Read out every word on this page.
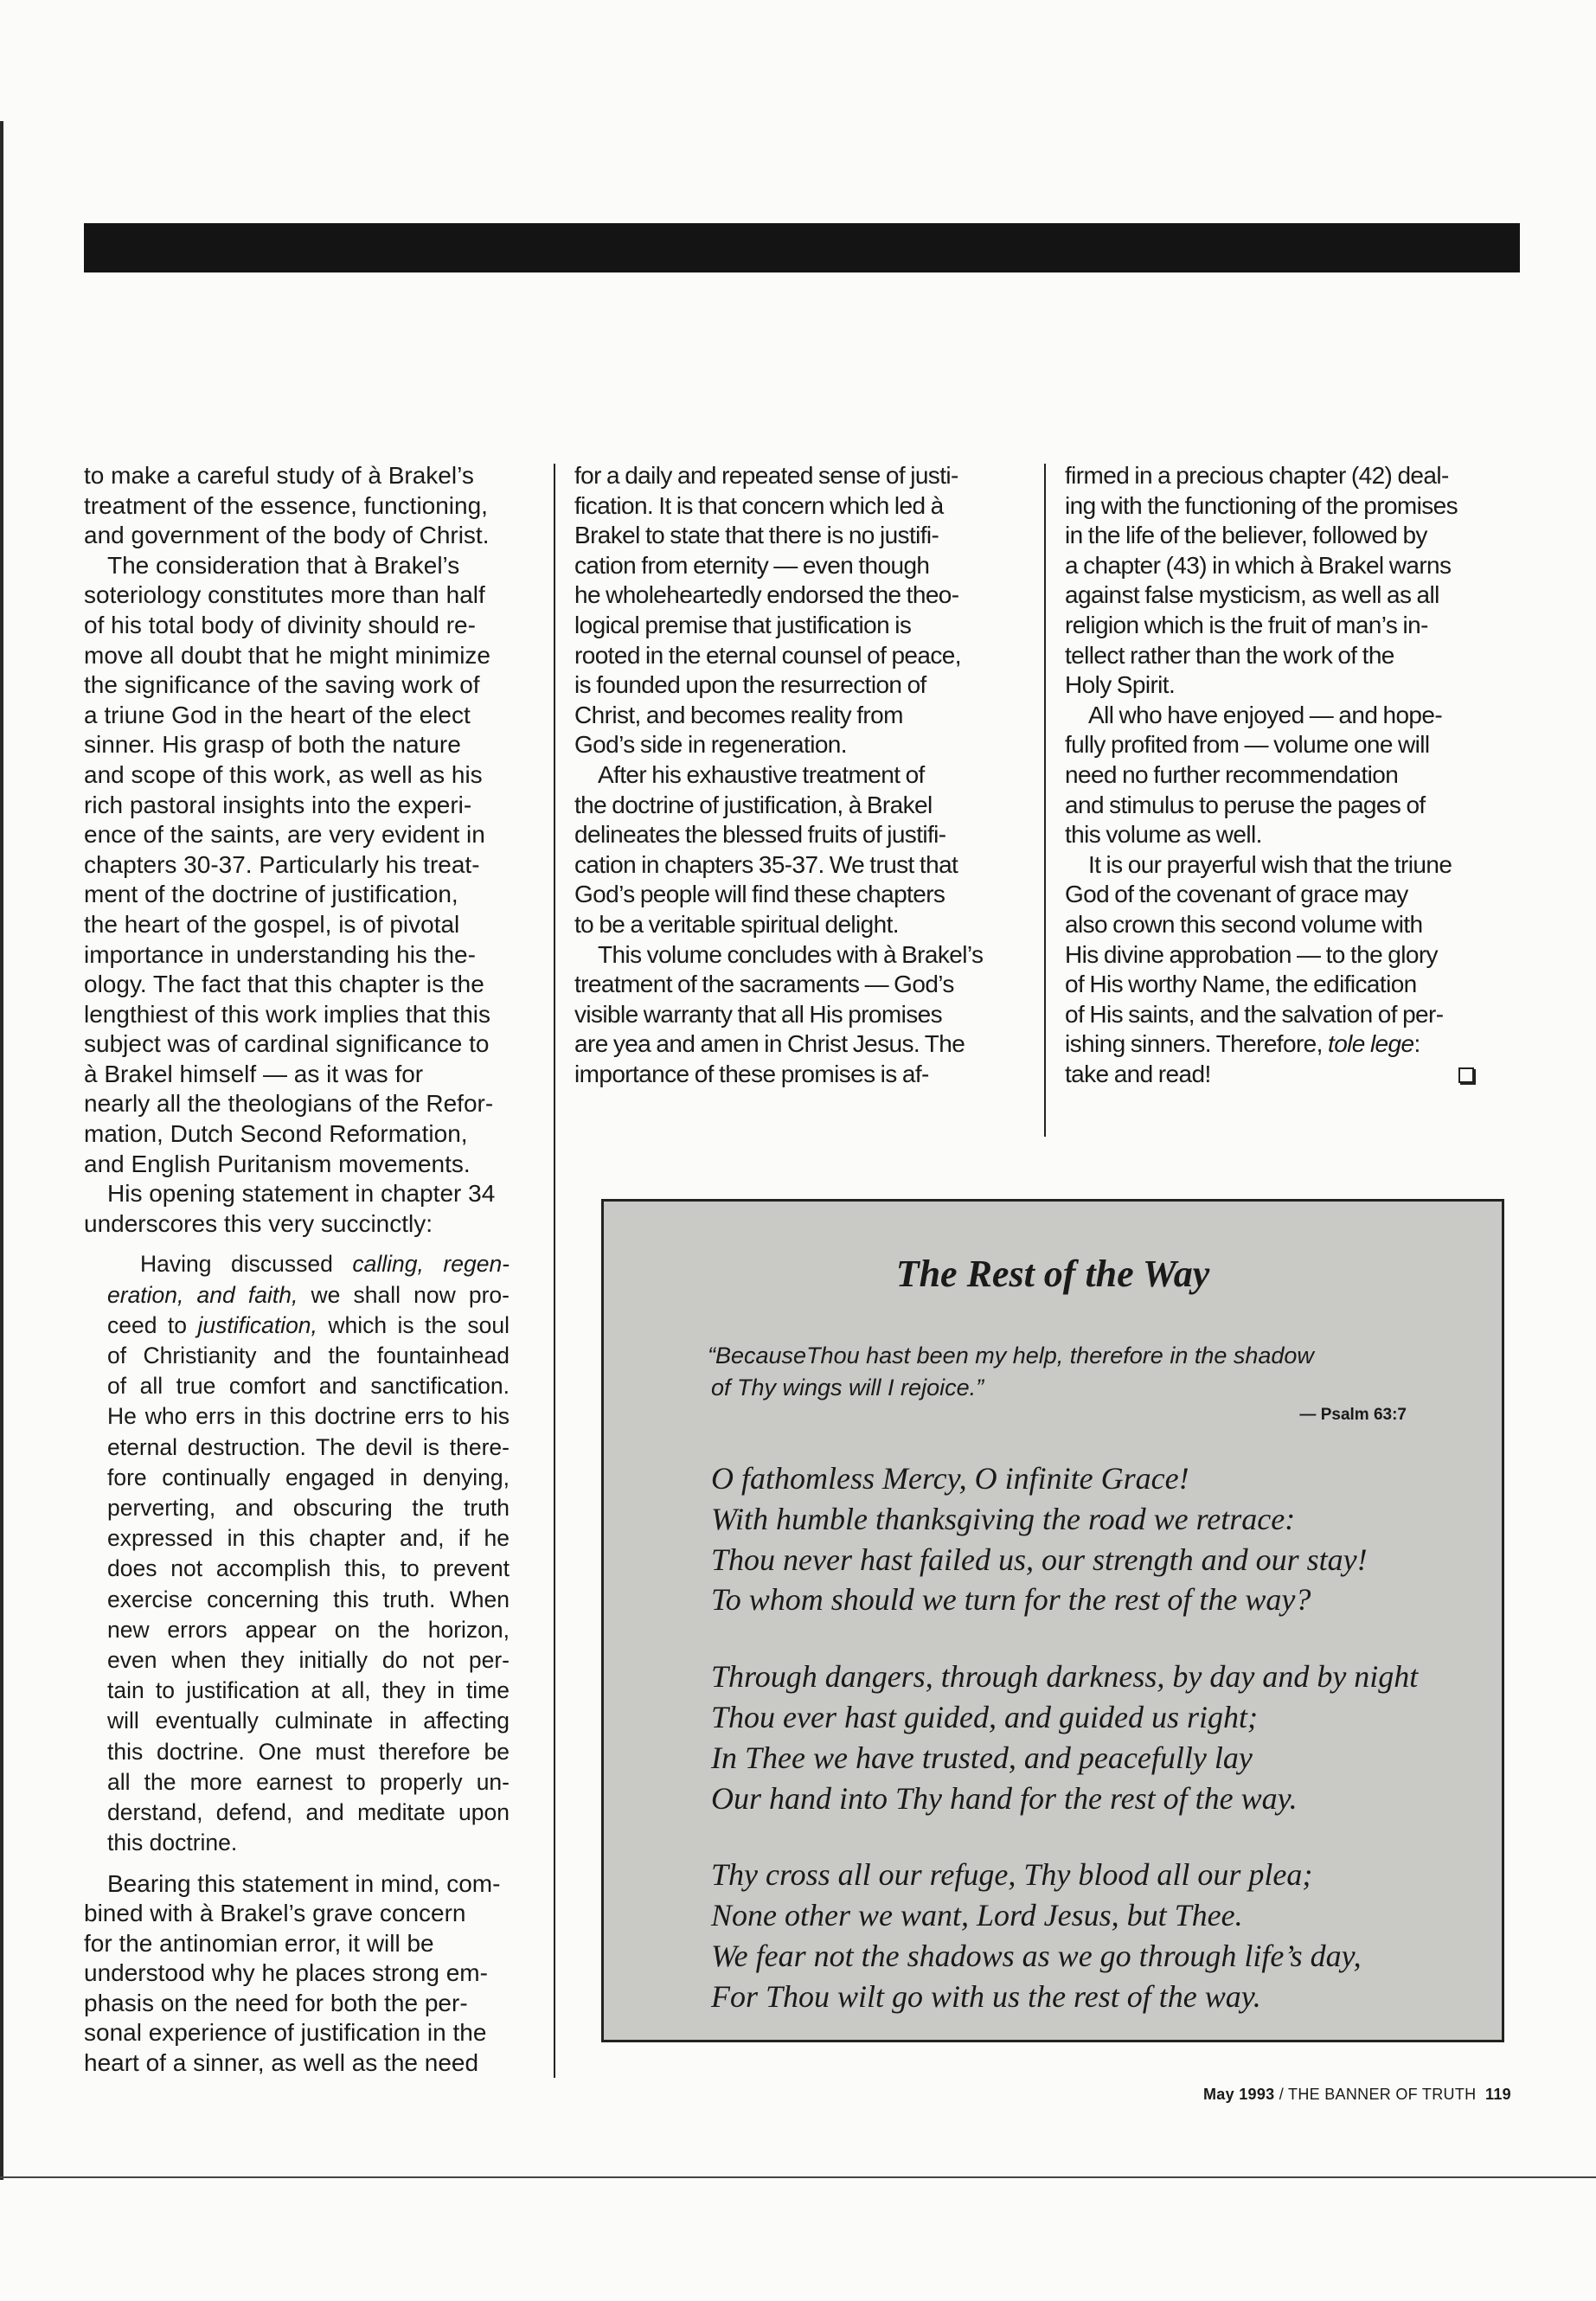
to make a careful study of à Brakel’s
treatment of the essence, functioning,
and government of the body of Christ.
The consideration that à Brakel’s
soteriology constitutes more than half
of his total body of divinity should re-
move all doubt that he might minimize
the significance of the saving work of
a triune God in the heart of the elect
sinner. His grasp of both the nature
and scope of this work, as well as his
rich pastoral insights into the experi-
ence of the saints, are very evident in
chapters 30-37. Particularly his treat-
ment of the doctrine of justification,
the heart of the gospel, is of pivotal
importance in understanding his the-
ology. The fact that this chapter is the
lengthiest of this work implies that this
subject was of cardinal significance to
à Brakel himself — as it was for
nearly all the theologians of the Refor-
mation, Dutch Second Reformation,
and English Puritanism movements.
His opening statement in chapter 34
underscores this very succinctly:
Having discussed calling, regen-
eration, and faith, we shall now pro-
ceed to justification, which is the soul
of Christianity and the fountainhead
of all true comfort and sanctification.
He who errs in this doctrine errs to his
eternal destruction. The devil is there-
fore continually engaged in denying,
perverting, and obscuring the truth
expressed in this chapter and, if he
does not accomplish this, to prevent
exercise concerning this truth. When
new errors appear on the horizon,
even when they initially do not per-
tain to justification at all, they in time
will eventually culminate in affecting
this doctrine. One must therefore be
all the more earnest to properly un-
derstand, defend, and meditate upon
this doctrine.
Bearing this statement in mind, com-
bined with à Brakel’s grave concern
for the antinomian error, it will be
understood why he places strong em-
phasis on the need for both the per-
sonal experience of justification in the
heart of a sinner, as well as the need
for a daily and repeated sense of justi-
fication. It is that concern which led à
Brakel to state that there is no justifi-
cation from eternity — even though
he wholeheartedly endorsed the theo-
logical premise that justification is
rooted in the eternal counsel of peace,
is founded upon the resurrection of
Christ, and becomes reality from
God’s side in regeneration.
After his exhaustive treatment of
the doctrine of justification, à Brakel
delineates the blessed fruits of justifi-
cation in chapters 35-37. We trust that
God’s people will find these chapters
to be a veritable spiritual delight.
This volume concludes with à Brakel’s
treatment of the sacraments — God’s
visible warranty that all His promises
are yea and amen in Christ Jesus. The
importance of these promises is af-
firmed in a precious chapter (42) deal-
ing with the functioning of the promises
in the life of the believer, followed by
a chapter (43) in which à Brakel warns
against false mysticism, as well as all
religion which is the fruit of man’s in-
tellect rather than the work of the
Holy Spirit.
All who have enjoyed — and hope-
fully profited from — volume one will
need no further recommendation
and stimulus to peruse the pages of
this volume as well.
It is our prayerful wish that the triune
God of the covenant of grace may
also crown this second volume with
His divine approbation — to the glory
of His worthy Name, the edification
of His saints, and the salvation of per-
ishing sinners. Therefore, tole lege:
take and read!
The Rest of the Way
“BecauseThou hast been my help, therefore in the shadow
of Thy wings will I rejoice.”
— Psalm 63:7
O fathomless Mercy, O infinite Grace!
With humble thanksgiving the road we retrace:
Thou never hast failed us, our strength and our stay!
To whom should we turn for the rest of the way?
Through dangers, through darkness, by day and by night
Thou ever hast guided, and guided us right;
In Thee we have trusted, and peacefully lay
Our hand into Thy hand for the rest of the way.
Thy cross all our refuge, Thy blood all our plea;
None other we want, Lord Jesus, but Thee.
We fear not the shadows as we go through life’s day,
For Thou wilt go with us the rest of the way.
May 1993 / THE BANNER OF TRUTH 119
